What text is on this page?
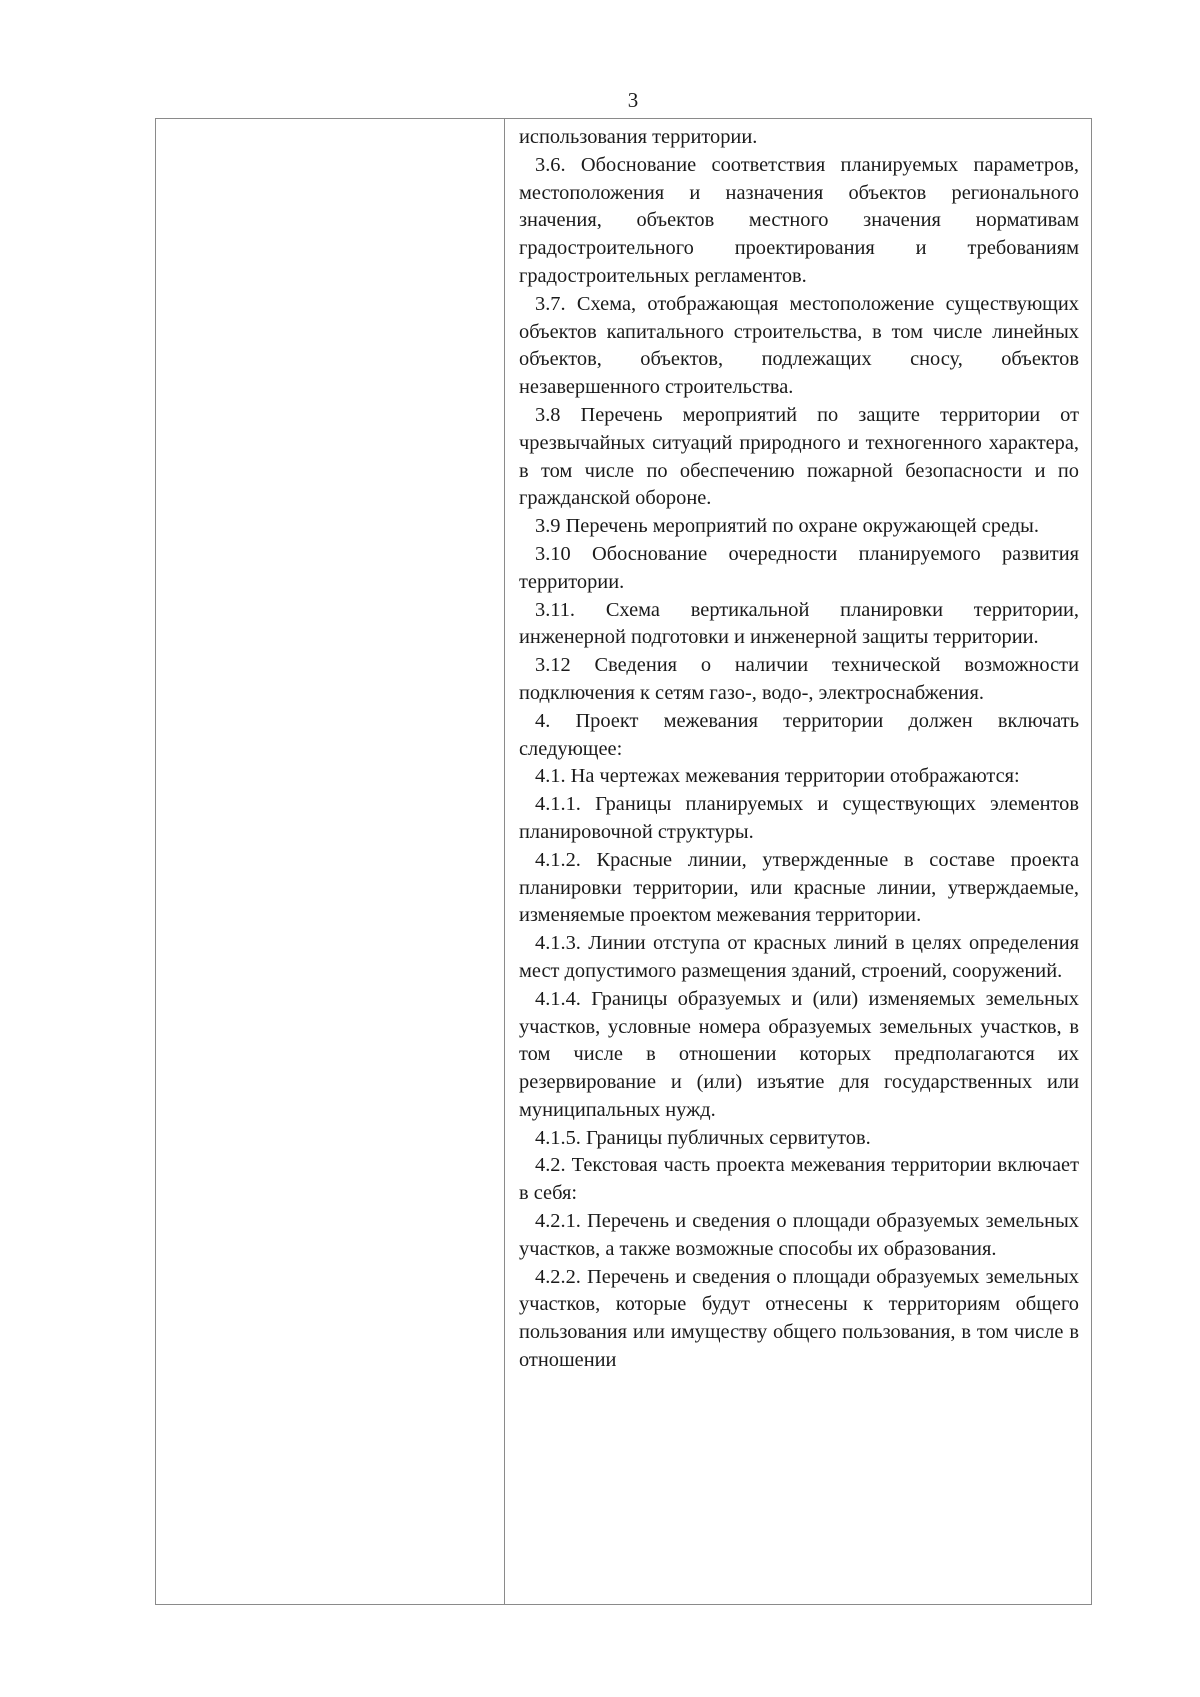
3

использования территории.

3.6. Обоснование соответствия планируемых параметров, местоположения и назначения объектов регионального значения, объектов местного значения нормативам градостроительного проектирования и требованиям градостроительных регламентов.

3.7. Схема, отображающая местоположение существующих объектов капитального строительства, в том числе линейных объектов, объектов, подлежащих сносу, объектов незавершенного строительства.

3.8 Перечень мероприятий по защите территории от чрезвычайных ситуаций природного и техногенного характера, в том числе по обеспечению пожарной безопасности и по гражданской обороне.

3.9 Перечень мероприятий по охране окружающей среды.

3.10 Обоснование очередности планируемого развития территории.

3.11. Схема вертикальной планировки территории, инженерной подготовки и инженерной защиты территории.

3.12 Сведения о наличии технической возможности подключения к сетям газо-, водо-, электроснабжения.

4. Проект межевания территории должен включать следующее:

4.1. На чертежах межевания территории отображаются:

4.1.1. Границы планируемых и существующих элементов планировочной структуры.

4.1.2. Красные линии, утвержденные в составе проекта планировки территории, или красные линии, утверждаемые, изменяемые проектом межевания территории.

4.1.3. Линии отступа от красных линий в целях определения мест допустимого размещения зданий, строений, сооружений.

4.1.4. Границы образуемых и (или) изменяемых земельных участков, условные номера образуемых земельных участков, в том числе в отношении которых предполагаются их резервирование и (или) изъятие для государственных или муниципальных нужд.

4.1.5. Границы публичных сервитутов.

4.2. Текстовая часть проекта межевания территории включает в себя:

4.2.1. Перечень и сведения о площади образуемых земельных участков, а также возможные способы их образования.

4.2.2. Перечень и сведения о площади образуемых земельных участков, которые будут отнесены к территориям общего пользования или имуществу общего пользования, в том числе в отношении
